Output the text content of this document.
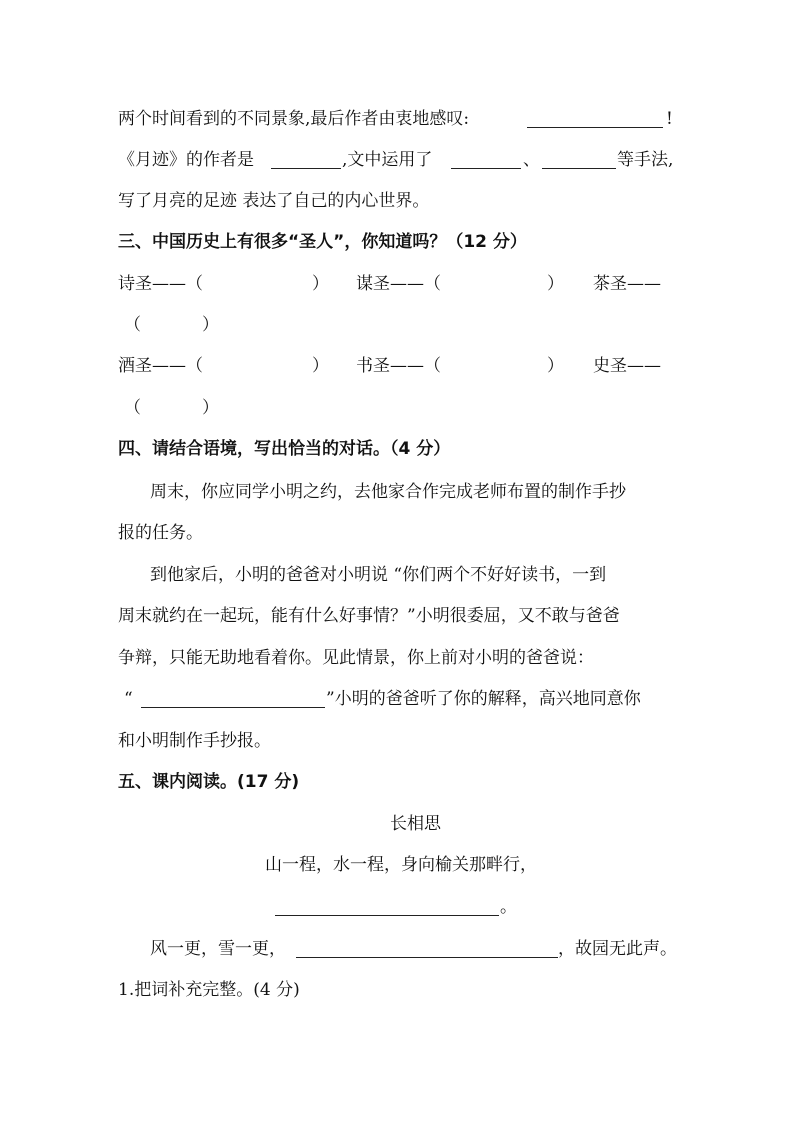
两个时间看到的不同景象,最后作者由衷地感叹:	!
《月迹》的作者是	,文中运用了	、	等手法,
写了月亮的足迹 表达了自己的内心世界。
三、中国历史上有很多“圣人”，你知道吗？（12 分）
诗圣——（	） 谋圣——（	） 茶圣——
（	）
酒圣——（	） 书圣——（	） 史圣——
（	）
四、请结合语境，写出恰当的对话。（4 分）
周末，你应同学小明之约，去他家合作完成老师布置的制作手抄
报的任务。
到他家后，小明的爸爸对小明说 “你们两个不好好读书，一到
周末就约在一起玩，能有什么好事情？”小明很委屈，又不敢与爸爸
争辩，只能无助地看着你。见此情景，你上前对小明的爸爸说：
“	”小明的爸爸听了你的解释，高兴地同意你
和小明制作手抄报。
五、课内阅读。(17 分)
长相思
山一程，水一程，身向榆关那畔行，
。
风一更，雪一更，	，故园无此声。
1.把词补充完整。(4 分)
